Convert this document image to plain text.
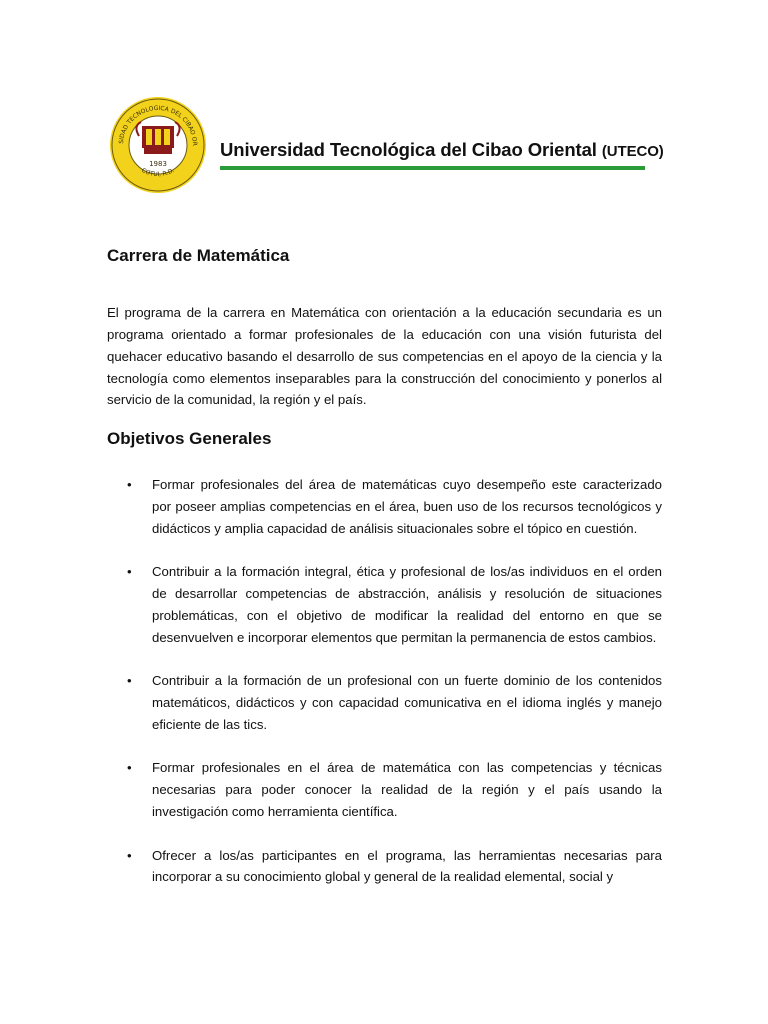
SIDAD TECNOLOGICA DEL CIBAO OR
COTUI, R.D.
1983
Universidad Tecnológica del Cibao Oriental (UTECO)
Carrera de Matemática

El programa de la carrera en Matemática con orientación a la educación secundaria es un programa orientado a formar profesionales de la educación con una visión futurista del quehacer educativo basando el desarrollo de sus competencias en el apoyo de la ciencia y la tecnología como elementos inseparables para la construcción del conocimiento y ponerlos al servicio de la comunidad, la región y el país.

Objetivos Generales
• Formar profesionales del área de matemáticas cuyo desempeño este caracterizado por poseer amplias competencias en el área, buen uso de los recursos tecnológicos y didácticos y amplia capacidad de análisis situacionales sobre el tópico en cuestión.
• Contribuir a la formación integral, ética y profesional de los/as individuos en el orden de desarrollar competencias de abstracción, análisis y resolución de situaciones problemáticas, con el objetivo de modificar la realidad del entorno en que se desenvuelven e incorporar elementos que permitan la permanencia de estos cambios.
• Contribuir a la formación de un profesional con un fuerte dominio de los contenidos matemáticos, didácticos y con capacidad comunicativa en el idioma inglés y manejo eficiente de las tics.
• Formar profesionales en el área de matemática con las competencias y técnicas necesarias para poder conocer la realidad de la región y el país usando la investigación como herramienta científica.
• Ofrecer a los/as participantes en el programa, las herramientas necesarias para incorporar a su conocimiento global y general de la realidad elemental, social y
